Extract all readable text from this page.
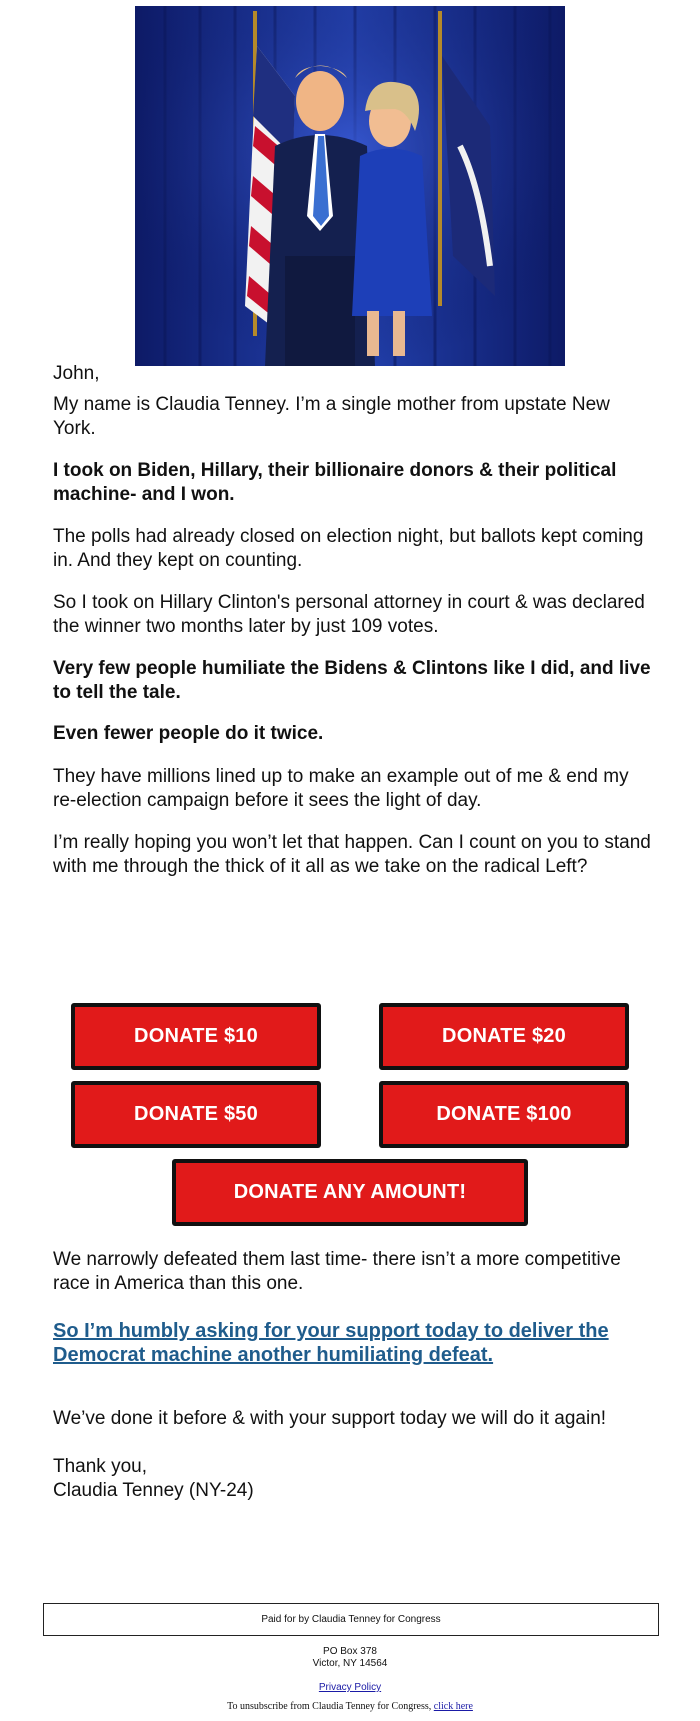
John,

My name is Claudia Tenney. I’m a single mother from upstate New York.

I took on Biden, Hillary, their billionaire donors & their political machine- and I won.

The polls had already closed on election night, but ballots kept coming in. And they kept on counting.

So I took on Hillary Clinton's personal attorney in court & was declared the winner two months later by just 109 votes.

Very few people humiliate the Bidens & Clintons like I did, and live to tell the tale.

Even fewer people do it twice.

They have millions lined up to make an example out of me & end my re-election campaign before it sees the light of day.

I’m really hoping you won’t let that happen. Can I count on you to stand with me through the thick of it all as we take on the radical Left?

DONATE $10	DONATE $20
DONATE $50	DONATE $100
DONATE ANY AMOUNT!

We narrowly defeated them last time- there isn’t a more competitive race in America than this one.

So I’m humbly asking for your support today to deliver the Democrat machine another humiliating defeat.

We’ve done it before & with your support today we will do it again!

Thank you,

Claudia Tenney (NY-24)

Paid for by Claudia Tenney for Congress
PO Box 378
Victor, NY 14564
Privacy Policy
To unsubscribe from Claudia Tenney for Congress, click here
